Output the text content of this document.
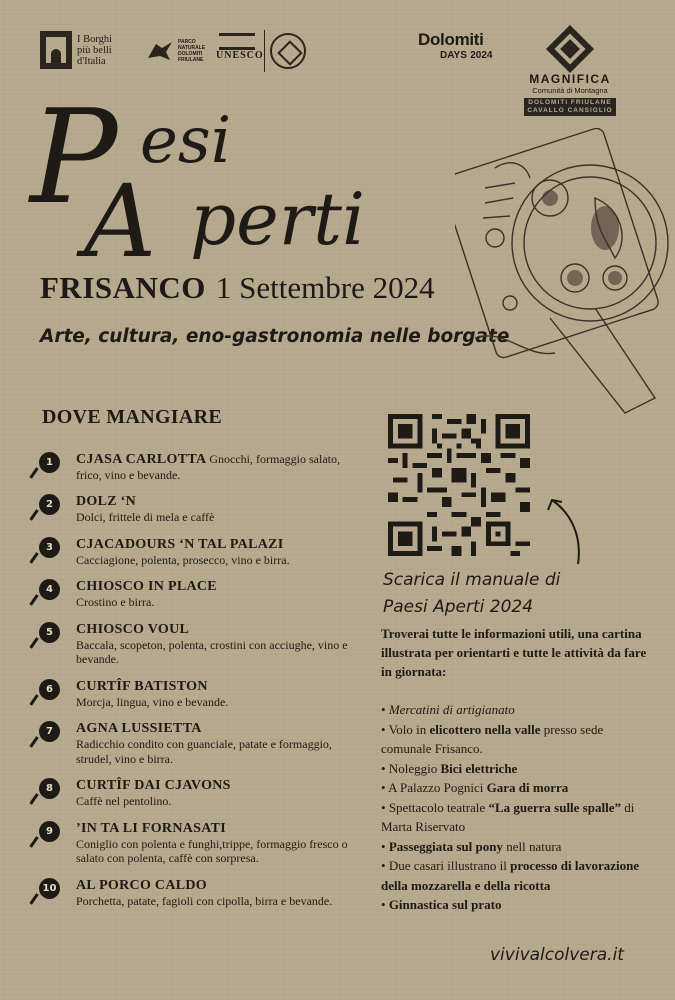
I Borghi
più belli
d'Italia
PARCO
NATURALE
DOLOMITI
FRIULANE UNESCO
Dolomiti
DAYS 2024
MAGNIFICA
Comunità di Montagna
DOLOMITI FRIULANE CAVALLO CANSIGLIO
P esi
A perti
FRISANCO 1 Settembre 2024
Arte, cultura, eno-gastronomia nelle borgate
DOVE MANGIARE
1	CJASA CARLOTTA Gnocchi, formaggio salato, frico, vino e bevande.
2	DOLZ ‘N
Dolci, frittele di mela e caffè
3	CJACADOURS ‘N TAL PALAZI
Cacciagione, polenta, prosecco, vino e birra.
4	CHIOSCO IN PLACE
Crostino e birra.
5	CHIOSCO VOUL
Baccala, scopeton, polenta, crostini con acciughe, vino e bevande.
6	CURTÎF BATISTON
Morcja, lingua, vino e bevande.
7	AGNA LUSSIETTA
Radicchio condito con guanciale, patate e formaggio, strudel, vino e birra.
8	CURTÎF DAI CJAVONS
Caffè nel pentolino.
9	’IN TA LI FORNASATI
Coniglio con polenta e funghi,trippe, formaggio fresco o salato con polenta, caffè con sorpresa.
10 AL PORCO CALDO
Porchetta, patate, fagioli con cipolla, birra e bevande.
Scarica il manuale di
Paesi Aperti 2024
Troverai tutte le informazioni utili, una cartina illustrata per orientarti e tutte le attività da fare in giornata:
• Mercatini di artigianato
• Volo in elicottero nella valle presso sede comunale Frisanco.
• Noleggio Bici elettriche
• A Palazzo Pognici Gara di morra
• Spettacolo teatrale “La guerra sulle spalle” di Marta Riservato
• Passeggiata sul pony nell natura
• Due casari illustrano il processo di lavorazione della mozzarella e della ricotta
• Ginnastica sul prato
vivivalcolvera.it
